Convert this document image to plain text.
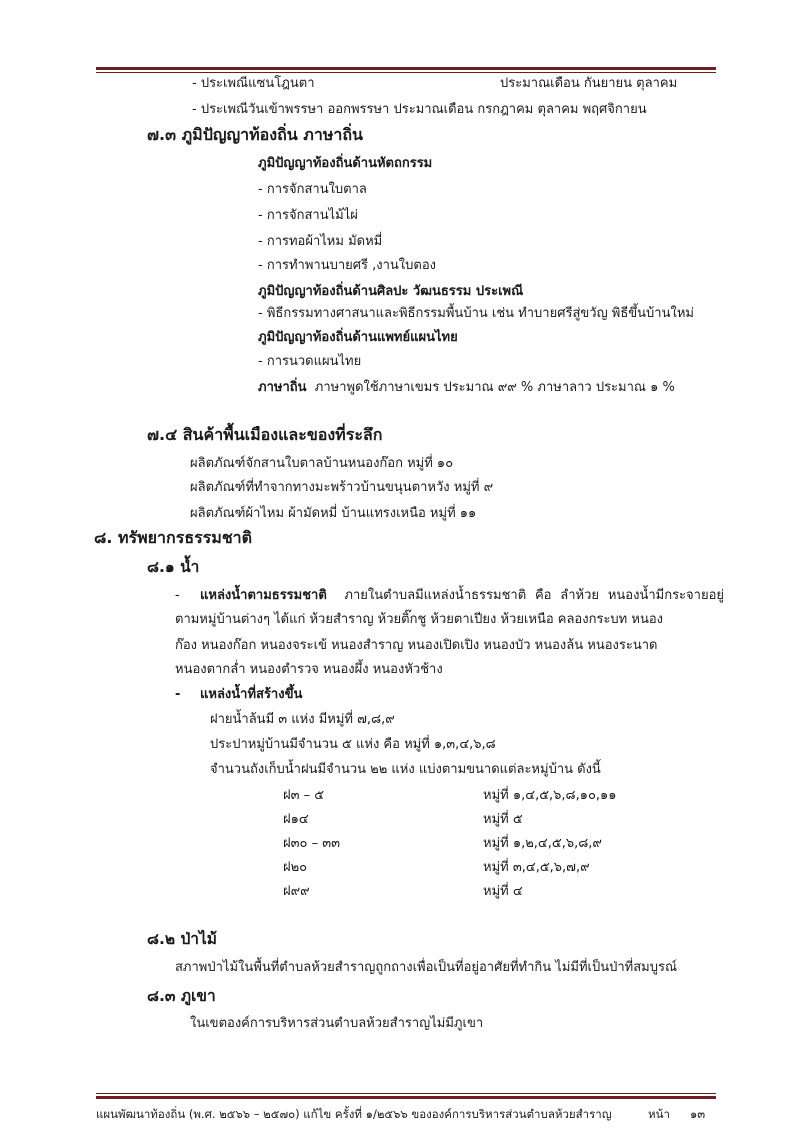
- ประเพณีแซนโฎนตา	ประมาณเดือน กันยายน ตุลาคม
- ประเพณีวันเข้าพรรษา ออกพรรษา ประมาณเดือน กรกฎาคม ตุลาคม พฤศจิกายน
๗.๓ ภูมิปัญญาท้องถิ่น ภาษาถิ่น
ภูมิปัญญาท้องถิ่นด้านหัตถกรรม
- การจักสานใบตาล
- การจักสานไม้ไผ่
- การทอผ้าไหม มัดหมี่
- การทำพานบายศรี ,งานใบตอง
ภูมิปัญญาท้องถิ่นด้านศิลปะ วัฒนธรรม ประเพณี
- พิธีกรรมทางศาสนาและพิธีกรรมพื้นบ้าน เช่น ทำบายศรีสู่ขวัญ พิธีขึ้นบ้านใหม่
ภูมิปัญญาท้องถิ่นด้านแพทย์แผนไทย
- การนวดแผนไทย
ภาษาถิ่น ภาษาพูดใช้ภาษาเขมร ประมาณ ๙๙ % ภาษาลาว ประมาณ ๑ %
๗.๔ สินค้าพื้นเมืองและของที่ระลึก
ผลิตภัณฑ์จักสานใบตาลบ้านหนองก๊อก หมู่ที่ ๑๐
ผลิตภัณฑ์ที่ทำจากทางมะพร้าวบ้านขนุนตาหวัง หมู่ที่ ๙
ผลิตภัณฑ์ผ้าไหม ผ้ามัดหมี่ บ้านแทรงเหนือ หมู่ที่ ๑๑
๘. ทรัพยากรธรรมชาติ
๘.๑ น้ำ
- แหล่งน้ำตามธรรมชาติ ภายในตำบลมีแหล่งน้ำธรรมชาติ คือ ลำห้วย หนองน้ำมีกระจายอยู่
ตามหมู่บ้านต่างๆ ได้แก่ ห้วยสำราญ ห้วยติ๊กชู ห้วยตาเปียง ห้วยเหนือ คลองกระบท หนอง
ก๊อง หนองก๊อก หนองจระเข้ หนองสำราญ หนองเปิดเปิง หนองบัว หนองล้น หนองระนาด
หนองตากล่ำ หนองตำรวจ หนองผึ้ง หนองหัวช้าง
- แหล่งน้ำที่สร้างขึ้น
ฝายน้ำล้นมี ๓ แห่ง มีหมู่ที่ ๗,๘,๙
ประปาหมู่บ้านมีจำนวน ๕ แห่ง คือ หมู่ที่ ๑,๓,๔,๖,๘
จำนวนถังเก็บน้ำฝนมีจำนวน ๒๒ แห่ง แบ่งตามขนาดแต่ละหมู่บ้าน ดังนี้
ฝ๓ – ๕	หมู่ที่ ๑,๔,๕,๖,๘,๑๐,๑๑
ฝ๑๔	หมู่ที่ ๕
ฝ๓๐ – ๓๓	หมู่ที่ ๑,๒,๔,๕,๖,๘,๙
ฝ๒๐	หมู่ที่ ๓,๔,๕,๖,๗,๙
ฝ๙๙	หมู่ที่ ๔
๘.๒ ป่าไม้
สภาพป่าไม้ในพื้นที่ตำบลห้วยสำราญถูกถางเพื่อเป็นที่อยู่อาศัยที่ทำกิน ไม่มีที่เป็นป่าที่สมบูรณ์
๘.๓ ภูเขา
ในเขตองค์การบริหารส่วนตำบลห้วยสำราญไม่มีภูเขา
แผนพัฒนาท้องถิ่น (พ.ศ. ๒๕๖๖ – ๒๕๗๐) แก้ไข ครั้งที่ ๑/๒๕๖๖ ขององค์การบริหารส่วนตำบลห้วยสำราญ	หน้า ๑๓
